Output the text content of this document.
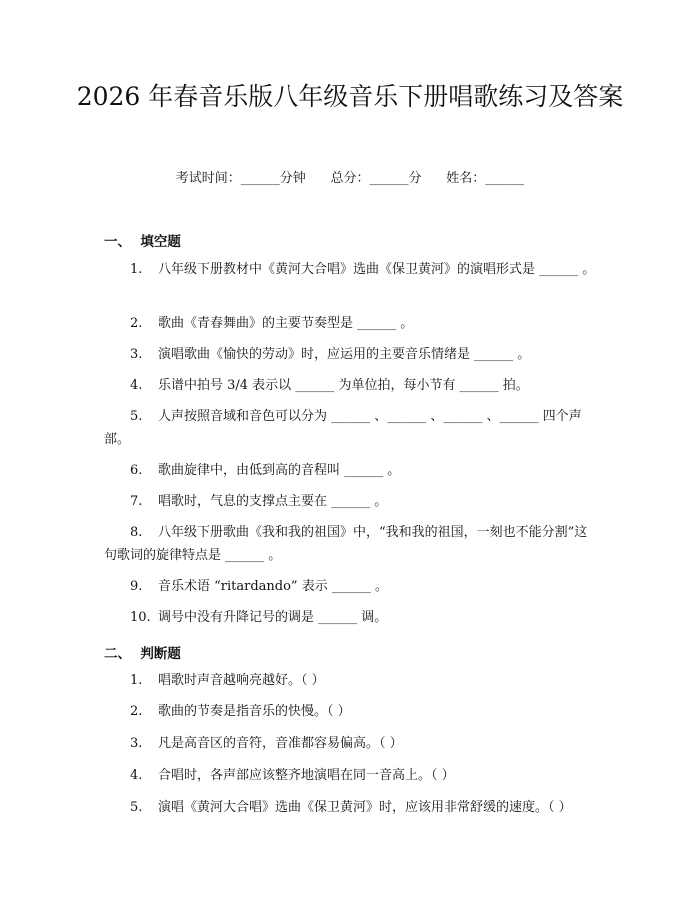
2026 年春音乐版八年级音乐下册唱歌练习及答案
考试时间：______分钟      总分：______分      姓名：______
一、  填空题
1. 八年级下册教材中《黄河大合唱》选曲《保卫黄河》的演唱形式是 ______ 。
2. 歌曲《青春舞曲》的主要节奏型是 ______ 。
3. 演唱歌曲《愉快的劳动》时，应运用的主要音乐情绪是 ______ 。
4. 乐谱中拍号 3/4 表示以 ______ 为单位拍，每小节有 ______ 拍。
5. 人声按照音域和音色可以分为 ______ 、______ 、______ 、______ 四个声部。
6. 歌曲旋律中，由低到高的音程叫 ______ 。
7. 唱歌时，气息的支撑点主要在 ______ 。
8. 八年级下册歌曲《我和我的祖国》中，“我和我的祖国，一刻也不能分割”这句歌词的旋律特点是 ______ 。
9. 音乐术语 “ritardando” 表示 ______ 。
10. 调号中没有升降记号的调是 ______ 调。
二、  判断题
1. 唱歌时声音越响亮越好。（ ）
2. 歌曲的节奏是指音乐的快慢。（ ）
3. 凡是高音区的音符，音准都容易偏高。（ ）
4. 合唱时，各声部应该整齐地演唱在同一音高上。（ ）
5. 演唱《黄河大合唱》选曲《保卫黄河》时，应该用非常舒缓的速度。（ ）
